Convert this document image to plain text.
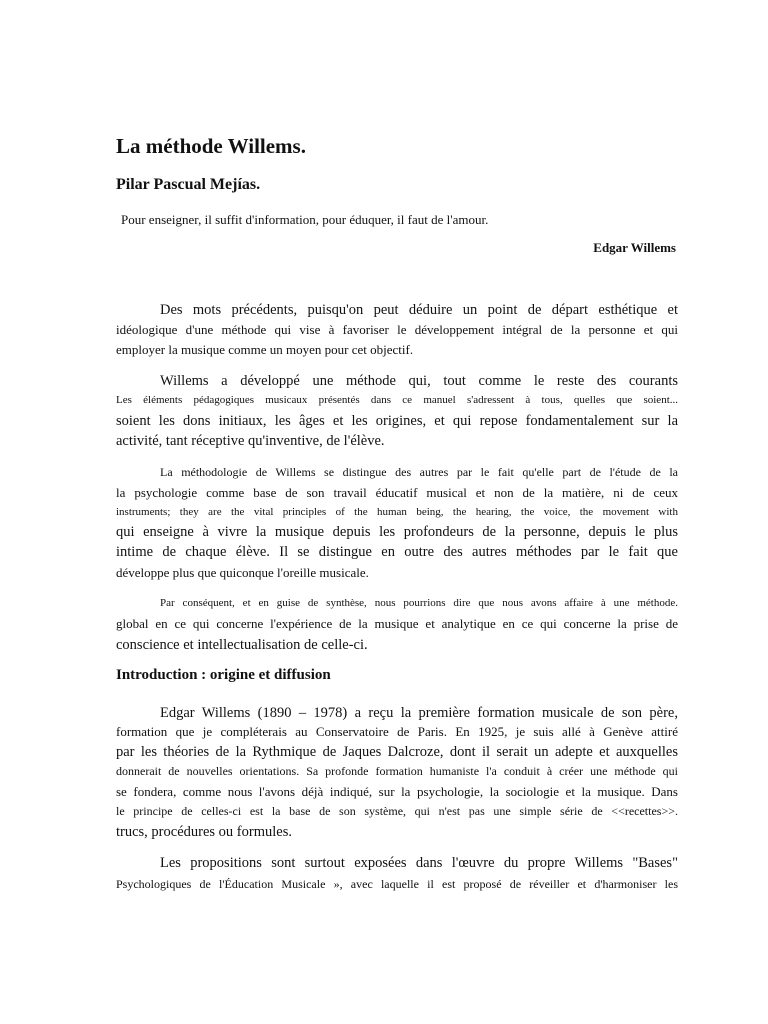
La méthode Willems.
Pilar Pascual Mejías.
Pour enseigner, il suffit d'information, pour éduquer, il faut de l'amour.
Edgar Willems
Des mots précédents, puisqu'on peut déduire un point de départ esthétique et
idéologique d'une méthode qui vise à favoriser le développement intégral de la personne et qui
employer la musique comme un moyen pour cet objectif.
Willems a développé une méthode qui, tout comme le reste des courants
Les éléments pédagogiques musicaux présentés dans ce manuel s'adressent à tous, quelles que soient...
soient les dons initiaux, les âges et les origines, et qui repose fondamentalement sur la
activité, tant réceptive qu'inventive, de l'élève.
La méthodologie de Willems se distingue des autres par le fait qu'elle part de l'étude de la
la psychologie comme base de son travail éducatif musical et non de la matière, ni de ceux
instruments; they are the vital principles of the human being, the hearing, the voice, the movement with
qui enseigne à vivre la musique depuis les profondeurs de la personne, depuis le plus
intime de chaque élève. Il se distingue en outre des autres méthodes par le fait que
développe plus que quiconque l'oreille musicale.
Par conséquent, et en guise de synthèse, nous pourrions dire que nous avons affaire à une méthode.
global en ce qui concerne l'expérience de la musique et analytique en ce qui concerne la prise de
conscience et intellectualisation de celle-ci.
Introduction : origine et diffusion
Edgar Willems (1890 – 1978) a reçu la première formation musicale de son père,
formation que je compléterais au Conservatoire de Paris. En 1925, je suis allé à Genève attiré
par les théories de la Rythmique de Jaques Dalcroze, dont il serait un adepte et auxquelles
donnerait de nouvelles orientations. Sa profonde formation humaniste l'a conduit à créer une méthode qui
se fondera, comme nous l'avons déjà indiqué, sur la psychologie, la sociologie et la musique. Dans
le principe de celles-ci est la base de son système, qui n'est pas une simple série de <<recettes>>.
trucs, procédures ou formules.
Les propositions sont surtout exposées dans l'œuvre du propre Willems "Bases"
Psychologiques de l'Éducation Musicale », avec laquelle il est proposé de réveiller et d'harmoniser les
